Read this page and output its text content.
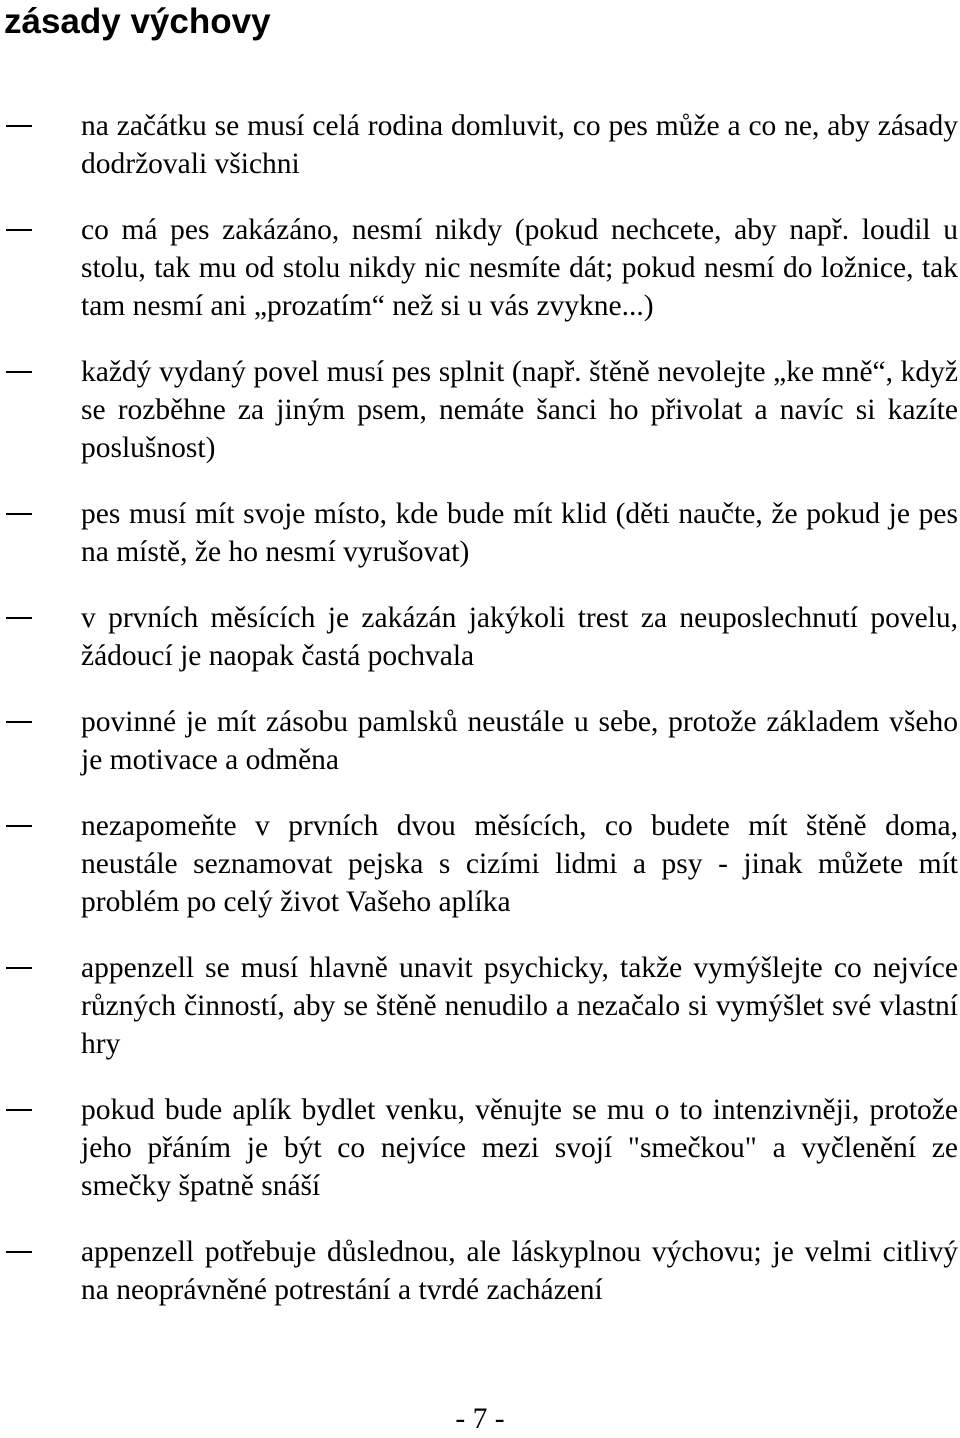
zásady výchovy
na začátku se musí celá rodina domluvit, co pes může a co ne, aby zásady dodržovali všichni
co má pes zakázáno, nesmí nikdy (pokud nechcete, aby např. loudil u stolu, tak mu od stolu nikdy nic nesmíte dát; pokud nesmí do ložnice, tak tam nesmí ani „prozatím“ než si u vás zvykne...)
každý vydaný povel musí pes splnit (např. štěně nevolejte „ke mně“, když se rozběhne za jiným psem, nemáte šanci ho přivolat a navíc si kazíte poslušnost)
pes musí mít svoje místo, kde bude mít klid (děti naučte, že pokud je pes na místě, že ho nesmí vyrušovat)
v prvních měsících je zakázán jakýkoli trest za neuposlechnutí povelu, žádoucí je naopak častá pochvala
povinné je mít zásobu pamlsků neustále u sebe, protože základem všeho je motivace a odměna
nezapomeňte v prvních dvou měsících, co budete mít štěně doma, neustále seznamovat pejska s cizími lidmi a psy - jinak můžete mít problém po celý život Vašeho aplíka
appenzell se musí hlavně unavit psychicky, takže vymýšlejte co nejvíce různých činností, aby se štěně nenudilo a nezačalo si vymýšlet své vlastní hry
pokud bude aplík bydlet venku, věnujte se mu o to intenzivněji, protože jeho přáním je být co nejvíce mezi svojí "smečkou" a vyčlenění ze smečky špatně snáší
appenzell potřebuje důslednou, ale láskyplnou výchovu; je velmi citlivý na neoprávněné potrestání a tvrdé zacházení

- 7 -
